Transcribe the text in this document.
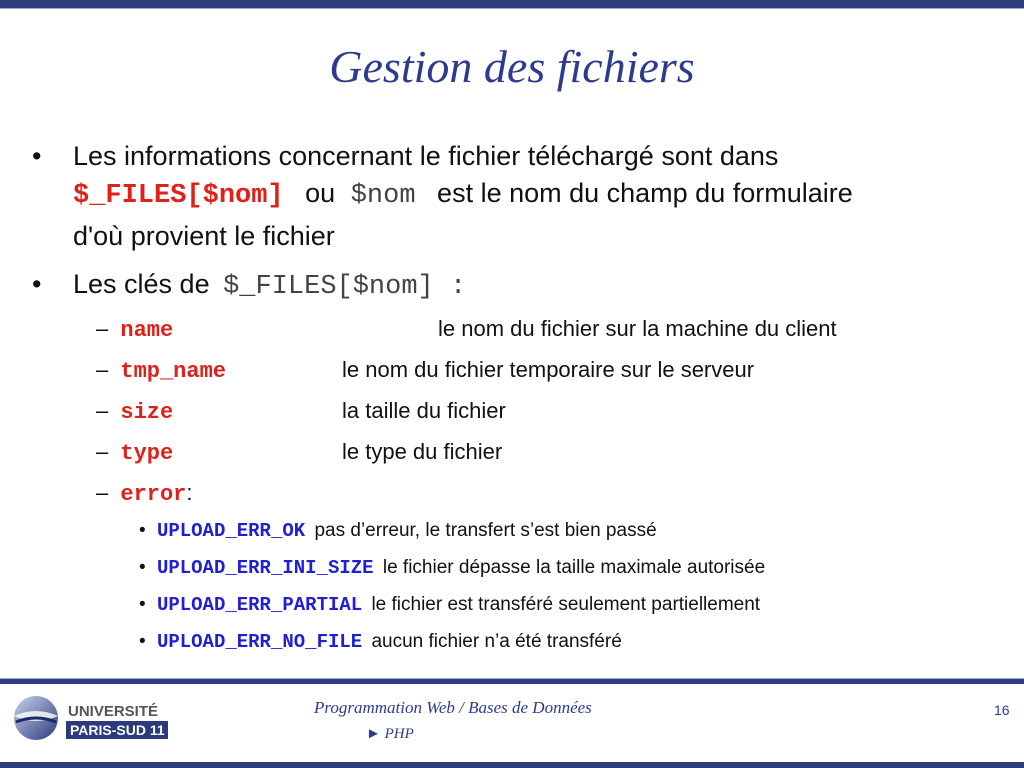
Gestion des fichiers
• Les informations concernant le fichier téléchargé sont dans
$_FILES[$nom] ou $nom est le nom du champ du formulaire
d'où provient le fichier
• Les clés de $_FILES[$nom] :
– name	le nom du fichier sur la machine du client
– tmp_name	le nom du fichier temporaire sur le serveur
– size	la taille du fichier
– type	le type du fichier
– error:
• UPLOAD_ERR_OK pas d’erreur, le transfert s’est bien passé
• UPLOAD_ERR_INI_SIZE le fichier dépasse la taille maximale autorisée
• UPLOAD_ERR_PARTIAL le fichier est transféré seulement partiellement
• UPLOAD_ERR_NO_FILE aucun fichier n’a été transféré
UNIVERSITÉ
PARIS-SUD 11
Programmation Web / Bases de Données
► PHP
16
